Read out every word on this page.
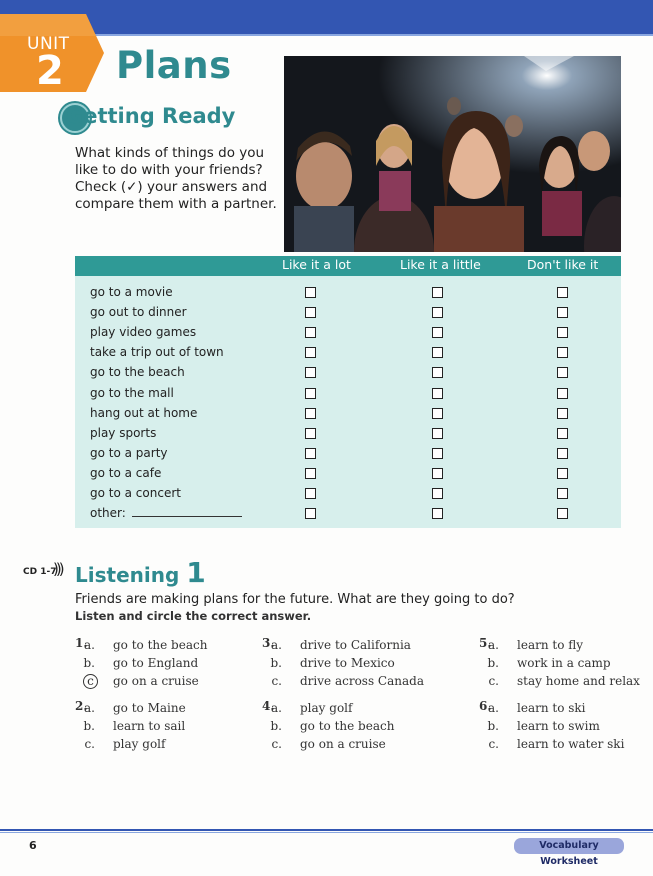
UNIT
2 Plans
Getting Ready
What kinds of things do you like to do with your friends? Check (✓) your answers and compare them with a partner.
Like it a lot	Like it a little	Don't like it
go to a movie
go out to dinner
play video games
take a trip out of town
go to the beach
go to the mall
hang out at home
play sports
go to a party
go to a cafe
go to a concert
other:
CD 1-7
))) Listening 1
Friends are making plans for the future. What are they going to do?
Listen and circle the correct answer.
1.
a. go to the beach
b. go to England
c go on a cruise
2.
a. go to Maine
b. learn to sail
c. play golf
3.
a. drive to California
b. drive to Mexico
c. drive across Canada
4.
a. play golf
b. go to the beach
c. go on a cruise
5.
a. learn to fly
b. work in a camp
c. stay home and relax
6.
a. learn to ski
b. learn to swim
c. learn to water ski
6	Vocabulary Worksheet
